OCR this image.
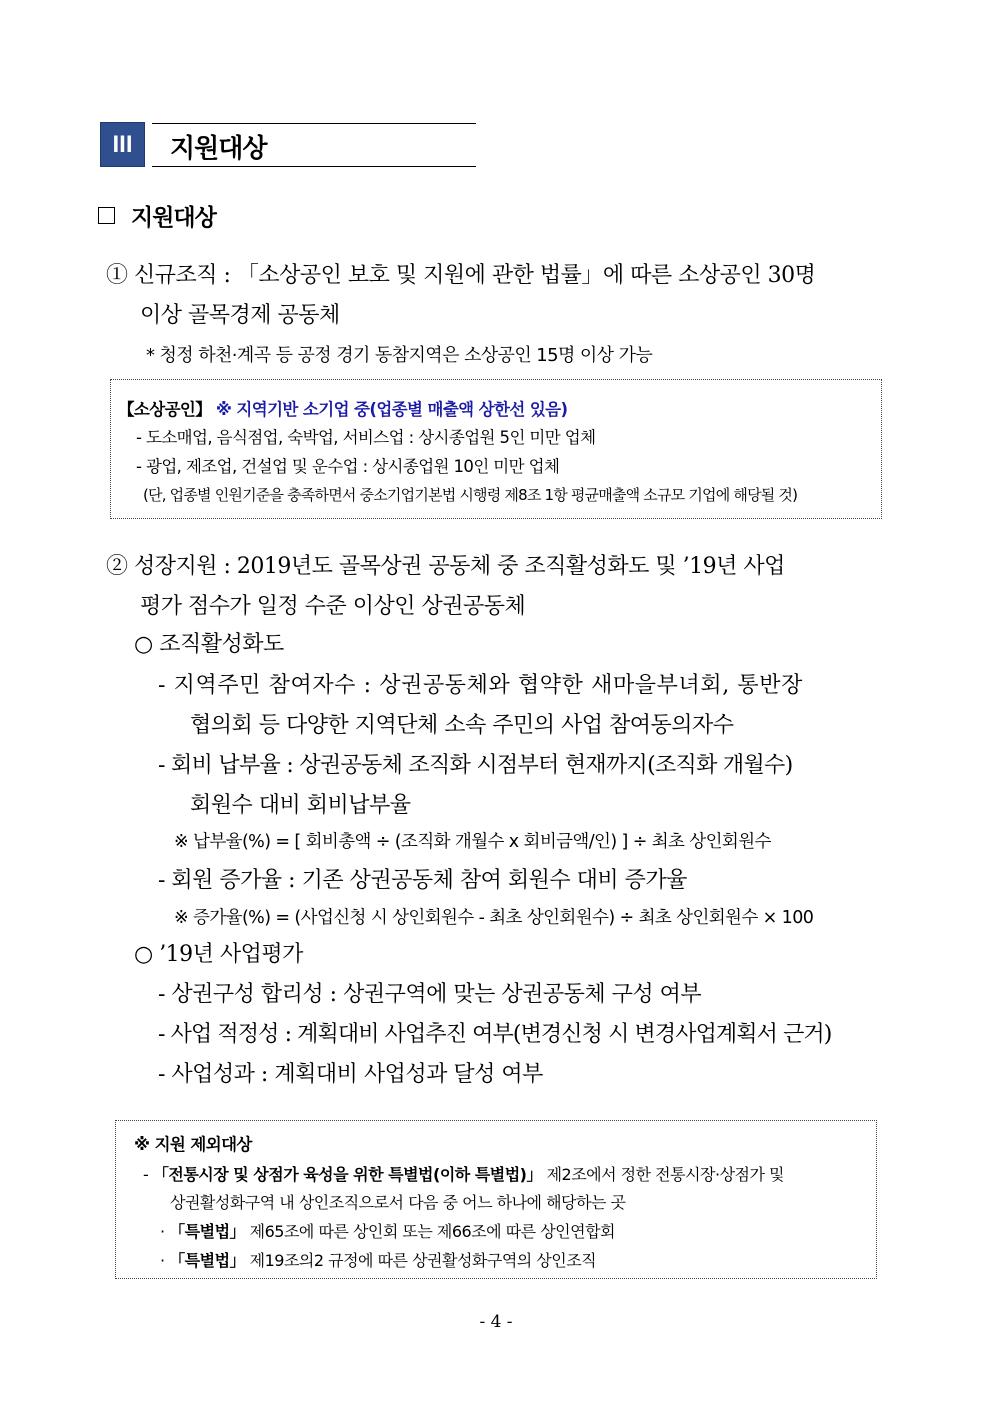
III	지원대상
지원대상
① 신규조직 : 「소상공인 보호 및 지원에 관한 법률」에 따른 소상공인 30명
이상 골목경제 공동체
* 청정 하천·계곡 등 공정 경기 동참지역은 소상공인 15명 이상 가능
【소상공인】 ※ 지역기반 소기업 중(업종별 매출액 상한선 있음)
- 도소매업, 음식점업, 숙박업, 서비스업 : 상시종업원 5인 미만 업체
- 광업, 제조업, 건설업 및 운수업 : 상시종업원 10인 미만 업체
(단, 업종별 인원기준을 충족하면서 중소기업기본법 시행령 제8조 1항 평균매출액 소규모 기업에 해당될 것)
② 성장지원 : 2019년도 골목상권 공동체 중 조직활성화도 및 ’19년 사업
평가 점수가 일정 수준 이상인 상권공동체
○ 조직활성화도
- 지역주민 참여자수 : 상권공동체와 협약한 새마을부녀회, 통반장
협의회 등 다양한 지역단체 소속 주민의 사업 참여동의자수
- 회비 납부율 : 상권공동체 조직화 시점부터 현재까지(조직화 개월수)
회원수 대비 회비납부율
※ 납부율(%) = [ 회비총액 ÷ (조직화 개월수 x 회비금액/인) ] ÷ 최초 상인회원수
- 회원 증가율 : 기존 상권공동체 참여 회원수 대비 증가율
※ 증가율(%) = (사업신청 시 상인회원수 - 최초 상인회원수) ÷ 최초 상인회원수 × 100
○ ’19년 사업평가
- 상권구성 합리성 : 상권구역에 맞는 상권공동체 구성 여부
- 사업 적정성 : 계획대비 사업추진 여부(변경신청 시 변경사업계획서 근거)
- 사업성과 : 계획대비 사업성과 달성 여부
※ 지원 제외대상
- 「전통시장 및 상점가 육성을 위한 특별법(이하 특별법)」 제2조에서 정한 전통시장·상점가 및
상권활성화구역 내 상인조직으로서 다음 중 어느 하나에 해당하는 곳
· 「특별법」 제65조에 따른 상인회 또는 제66조에 따른 상인연합회
· 「특별법」 제19조의2 규정에 따른 상권활성화구역의 상인조직
- 4 -
